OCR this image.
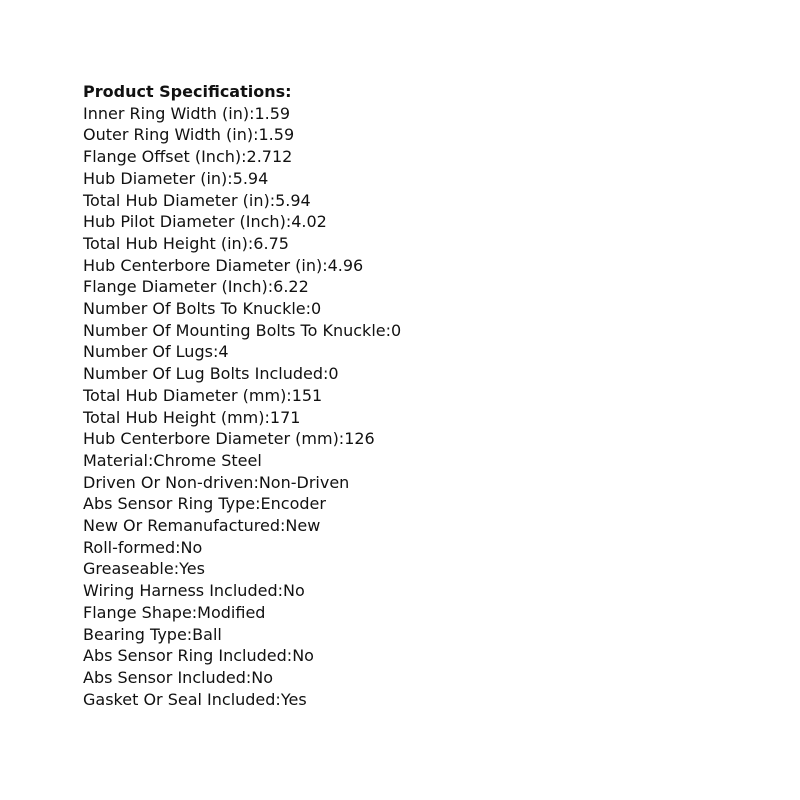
Product Specifications:
Inner Ring Width (in):1.59
Outer Ring Width (in):1.59
Flange Offset (Inch):2.712
Hub Diameter (in):5.94
Total Hub Diameter (in):5.94
Hub Pilot Diameter (Inch):4.02
Total Hub Height (in):6.75
Hub Centerbore Diameter (in):4.96
Flange Diameter (Inch):6.22
Number Of Bolts To Knuckle:0
Number Of Mounting Bolts To Knuckle:0
Number Of Lugs:4
Number Of Lug Bolts Included:0
Total Hub Diameter (mm):151
Total Hub Height (mm):171
Hub Centerbore Diameter (mm):126
Material:Chrome Steel
Driven Or Non-driven:Non-Driven
Abs Sensor Ring Type:Encoder
New Or Remanufactured:New
Roll-formed:No
Greaseable:Yes
Wiring Harness Included:No
Flange Shape:Modified
Bearing Type:Ball
Abs Sensor Ring Included:No
Abs Sensor Included:No
Gasket Or Seal Included:Yes
